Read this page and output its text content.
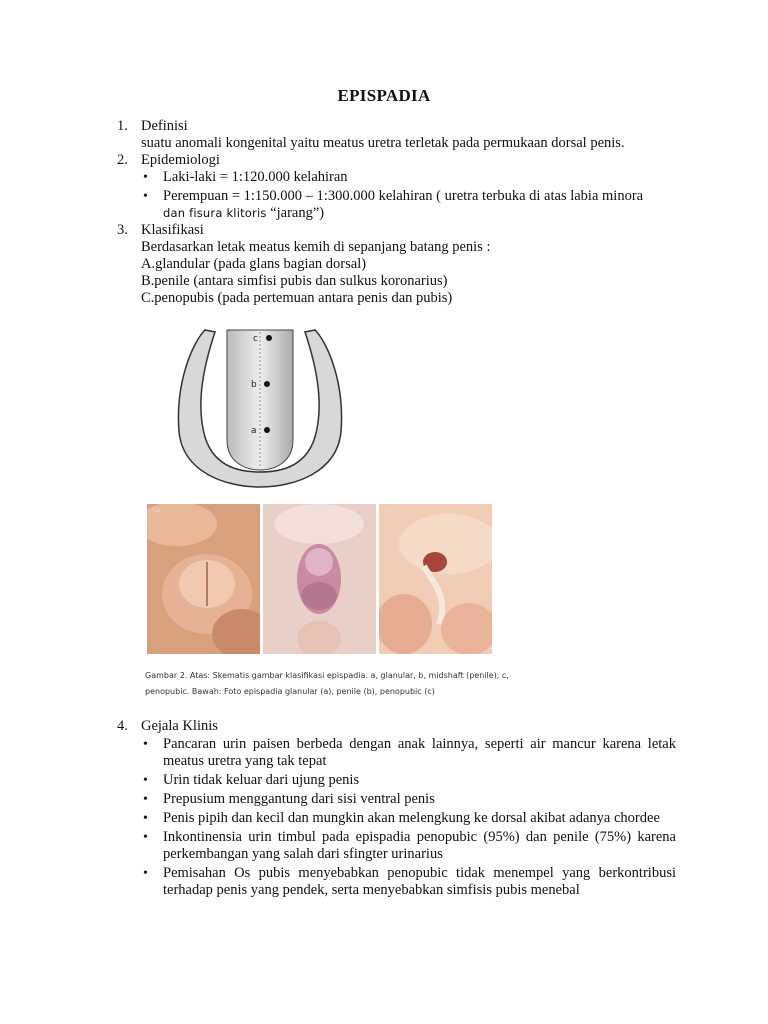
EPISPADIA
1. Definisi
suatu anomali kongenital yaitu meatus uretra terletak pada permukaan dorsal penis.
2. Epidemiologi
• Laki-laki = 1:120.000 kelahiran
• Perempuan = 1:150.000 – 1:300.000 kelahiran ( uretra terbuka di atas labia minora
dan fisura klitoris “jarang”)
3. Klasifikasi
Berdasarkan letak meatus kemih di sepanjang batang penis :
A.glandular (pada glans bagian dorsal)
B.penile (antara simfisi pubis dan sulkus koronarius)
C.penopubis (pada pertemuan antara penis dan pubis)
c
b
a
(a)	(b)	(c)
Gambar 2. Atas: Skematis gambar klasifikasi epispadia. a, glanular, b, midshaft (penile), c,
penopubic. Bawah: Foto epispadia glanular (a), penile (b), penopubic (c)
4. Gejala Klinis
• Pancaran urin paisen berbeda dengan anak lainnya, seperti air mancur karena letak meatus uretra yang tak tepat
• Urin tidak keluar dari ujung penis
• Prepusium menggantung dari sisi ventral penis
• Penis pipih dan kecil dan mungkin akan melengkung ke dorsal akibat adanya chordee
• Inkontinensia urin timbul pada epispadia penopubic (95%) dan penile (75%) karena perkembangan yang salah dari sfingter urinarius
• Pemisahan Os pubis menyebabkan penopubic tidak menempel yang berkontribusi terhadap penis yang pendek, serta menyebabkan simfisis pubis menebal
